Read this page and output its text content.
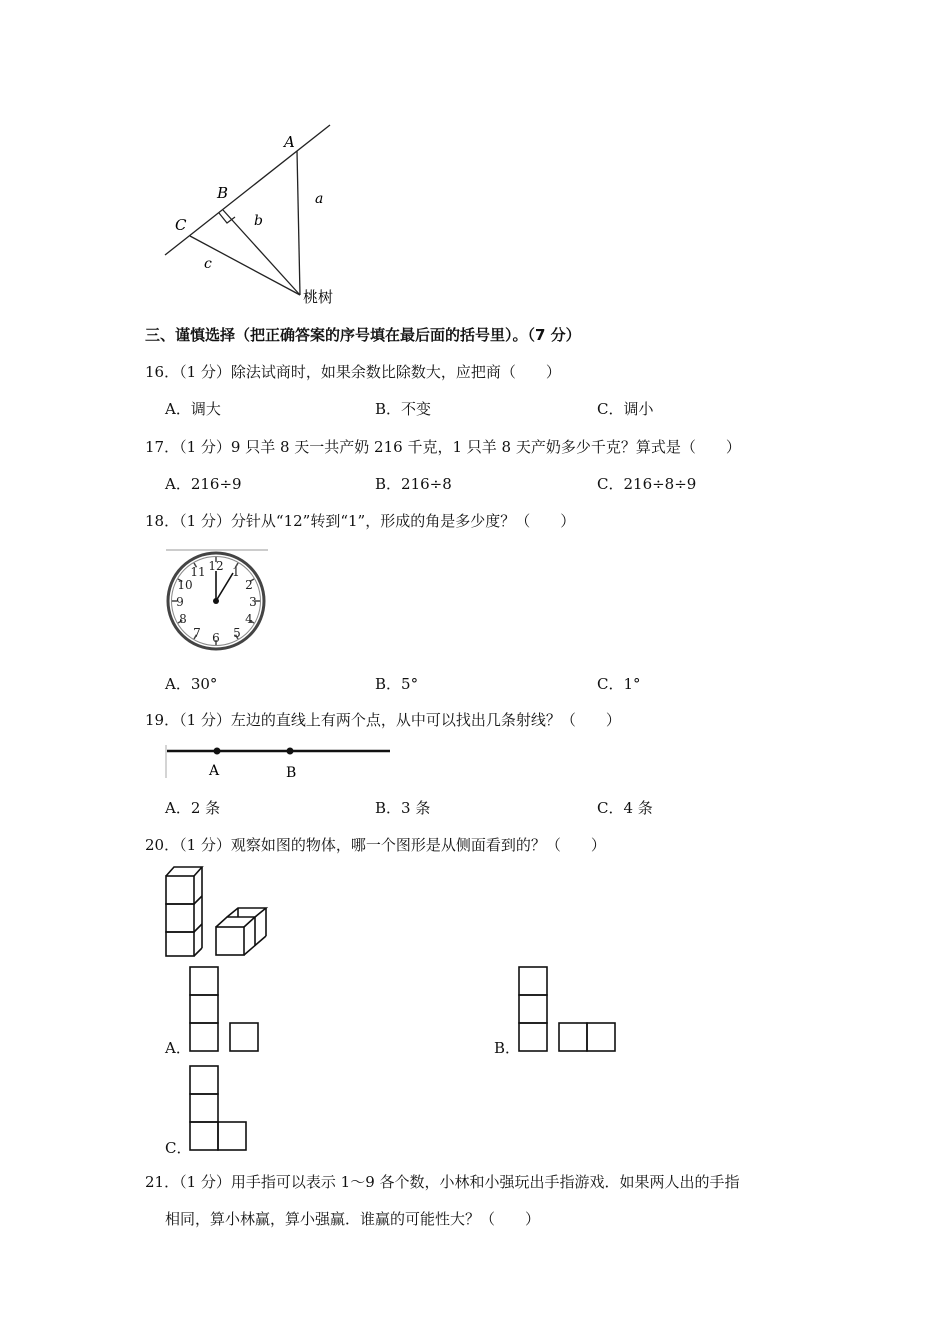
A
B
C
a
b
c
桃树
三、谨慎选择（把正确答案的序号填在最后面的括号里）。（7 分）
16．（1 分）除法试商时，如果余数比除数大，应把商（　　）
A．调大	B．不变	C．调小
17．（1 分）9 只羊 8 天一共产奶 216 千克，1 只羊 8 天产奶多少千克？算式是（　　）
A．216÷9	B．216÷8	C．216÷8÷9
18．（1 分）分针从“12”转到“1”，形成的角是多少度？（　　）
12 1
2
3
4
5
6
7
8
9
10
11
A．30°	B．5°	C．1°
19．（1 分）左边的直线上有两个点，从中可以找出几条射线？（　　）
A	B
A．2 条	B．3 条	C．4 条
20．（1 分）观察如图的物体，哪一个图形是从侧面看到的？（　　）
A．	B．
C．
21．（1 分）用手指可以表示 1～9 各个数，小林和小强玩出手指游戏．如果两人出的手指
相同，算小林赢，算小强赢．谁赢的可能性大？（　　）
